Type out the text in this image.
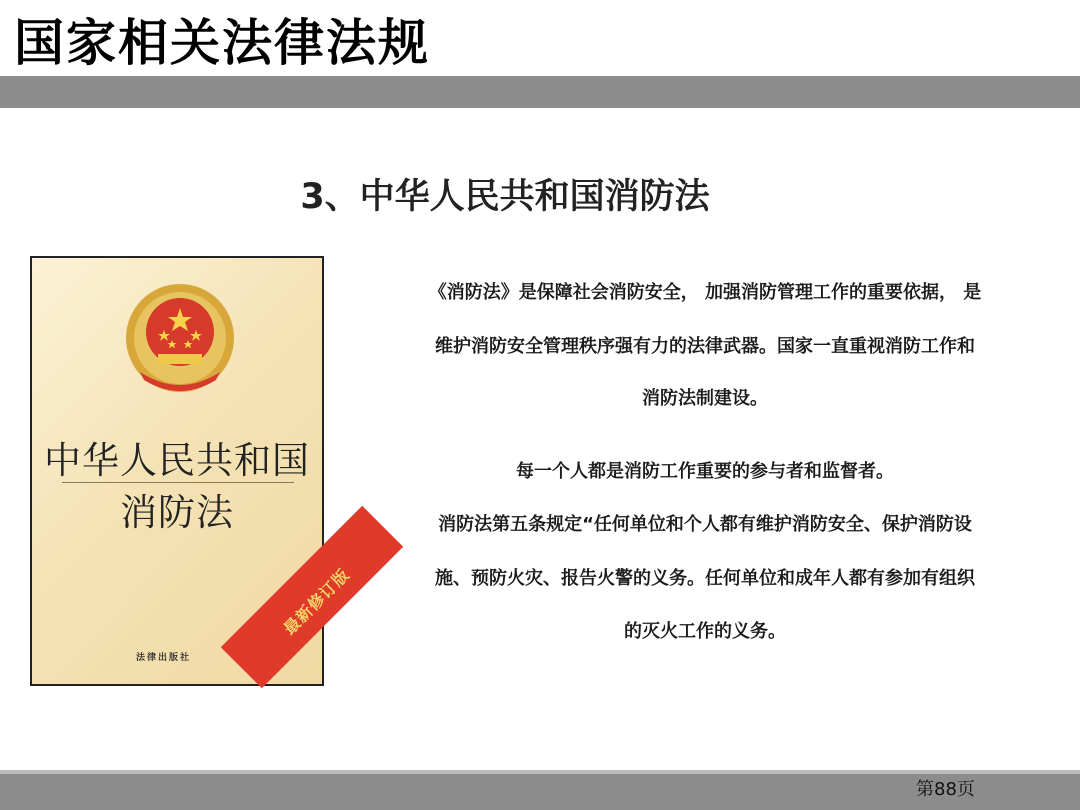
国家相关法律法规
3、中华人民共和国消防法
中华人民共和国
消防法
法律出版社
最新修订版
《消防法》是保障社会消防安全， 加强消防管理工作的重要依据， 是
维护消防安全管理秩序强有力的法律武器。国家一直重视消防工作和
消防法制建设。
每一个人都是消防工作重要的参与者和监督者。
消防法第五条规定“任何单位和个人都有维护消防安全、保护消防设
施、预防火灾、报告火警的义务。任何单位和成年人都有参加有组织
的灭火工作的义务。
第88页
